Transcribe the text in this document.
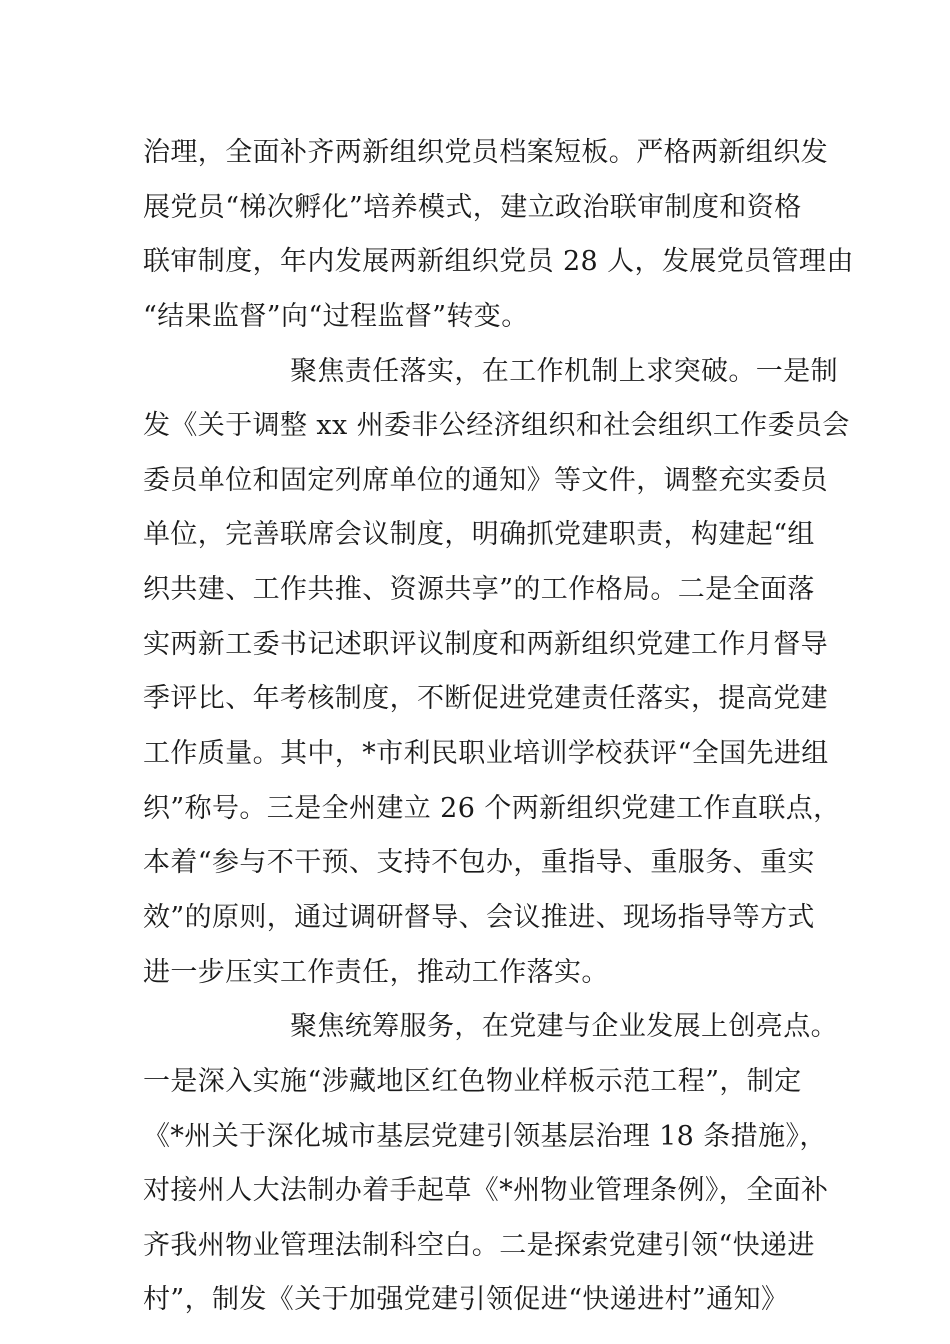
治理，全面补齐两新组织党员档案短板。严格两新组织发
展党员“梯次孵化”培养模式，建立政治联审制度和资格
联审制度，年内发展两新组织党员 28 人，发展党员管理由
“结果监督”向“过程监督”转变。
聚焦责任落实，在工作机制上求突破。一是制
发《关于调整 xx 州委非公经济组织和社会组织工作委员会
委员单位和固定列席单位的通知》等文件，调整充实委员
单位，完善联席会议制度，明确抓党建职责，构建起“组
织共建、工作共推、资源共享”的工作格局。二是全面落
实两新工委书记述职评议制度和两新组织党建工作月督导
季评比、年考核制度，不断促进党建责任落实，提高党建
工作质量。其中，*市利民职业培训学校获评“全国先进组
织”称号。三是全州建立 26 个两新组织党建工作直联点，
本着“参与不干预、支持不包办，重指导、重服务、重实
效”的原则，通过调研督导、会议推进、现场指导等方式
进一步压实工作责任，推动工作落实。
聚焦统筹服务，在党建与企业发展上创亮点。
一是深入实施“涉藏地区红色物业样板示范工程”，制定
《*州关于深化城市基层党建引领基层治理 18 条措施》，
对接州人大法制办着手起草《*州物业管理条例》，全面补
齐我州物业管理法制科空白。二是探索党建引领“快递进
村”，制发《关于加强党建引领促进“快递进村”通知》
